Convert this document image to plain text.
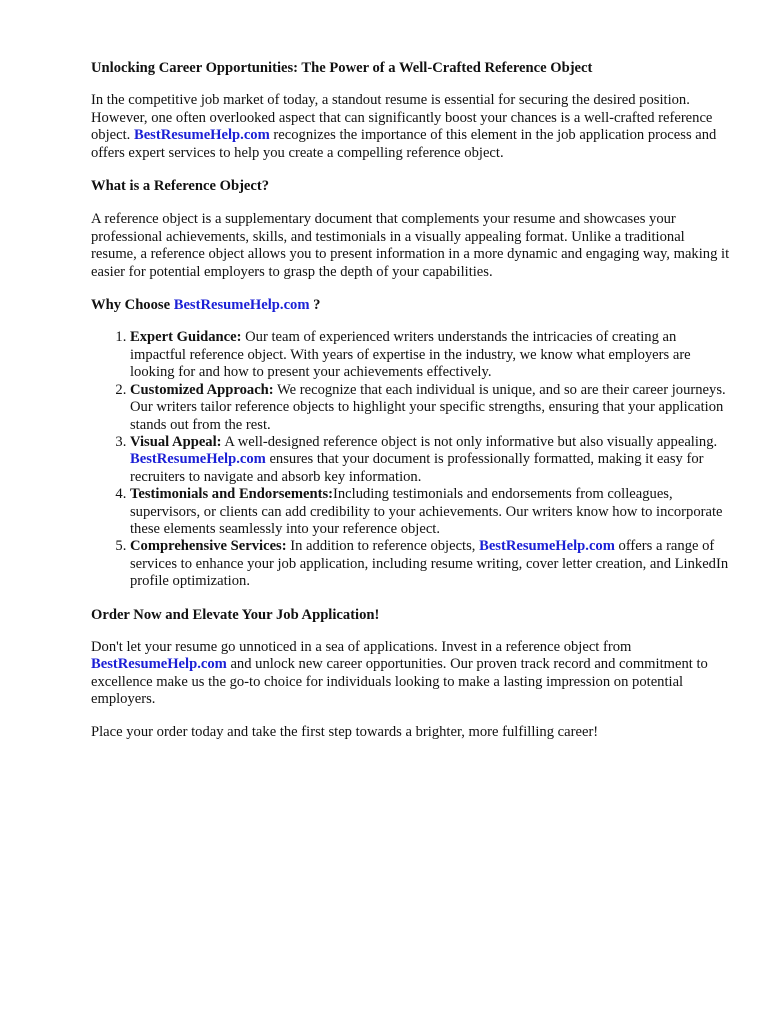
Unlocking Career Opportunities: The Power of a Well-Crafted Reference Object

In the competitive job market of today, a standout resume is essential for securing the desired position. However, one often overlooked aspect that can significantly boost your chances is a well-crafted reference object. BestResumeHelp.com recognizes the importance of this element in the job application process and offers expert services to help you create a compelling reference object.

What is a Reference Object?

A reference object is a supplementary document that complements your resume and showcases your professional achievements, skills, and testimonials in a visually appealing format. Unlike a traditional resume, a reference object allows you to present information in a more dynamic and engaging way, making it easier for potential employers to grasp the depth of your capabilities.

Why Choose BestResumeHelp.com ?
1. Expert Guidance: Our team of experienced writers understands the intricacies of creating an impactful reference object. With years of expertise in the industry, we know what employers are looking for and how to present your achievements effectively.
2. Customized Approach: We recognize that each individual is unique, and so are their career journeys. Our writers tailor reference objects to highlight your specific strengths, ensuring that your application stands out from the rest.
3. Visual Appeal: A well-designed reference object is not only informative but also visually appealing. BestResumeHelp.com ensures that your document is professionally formatted, making it easy for recruiters to navigate and absorb key information.
4. Testimonials and Endorsements:Including testimonials and endorsements from colleagues, supervisors, or clients can add credibility to your achievements. Our writers know how to incorporate these elements seamlessly into your reference object.
5. Comprehensive Services: In addition to reference objects, BestResumeHelp.com offers a range of services to enhance your job application, including resume writing, cover letter creation, and LinkedIn profile optimization.
Order Now and Elevate Your Job Application!

Don't let your resume go unnoticed in a sea of applications. Invest in a reference object from BestResumeHelp.com and unlock new career opportunities. Our proven track record and commitment to excellence make us the go-to choice for individuals looking to make a lasting impression on potential employers.

Place your order today and take the first step towards a brighter, more fulfilling career!
